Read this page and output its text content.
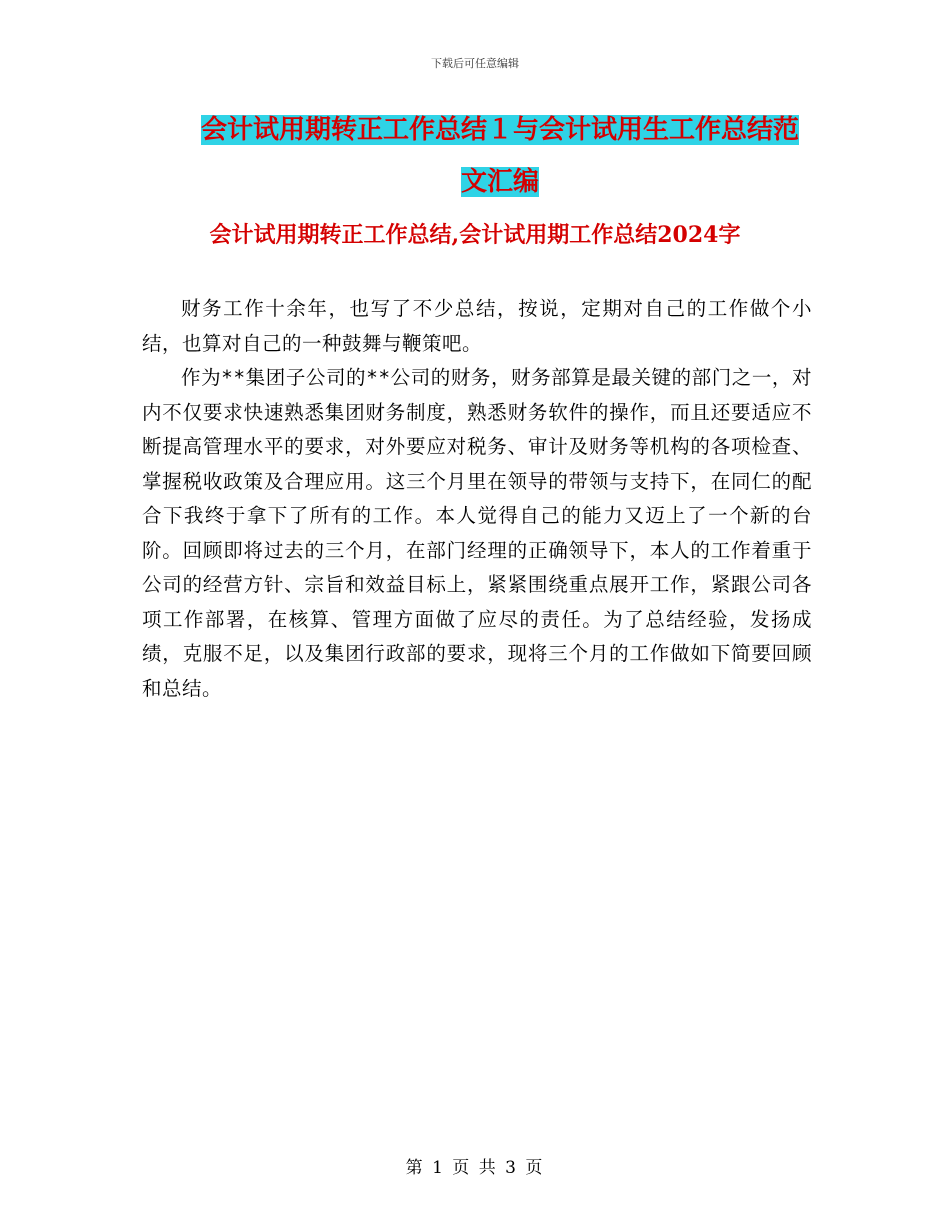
下载后可任意编辑
会计试用期转正工作总结１与会计试用生工作总结范
文汇编
会计试用期转正工作总结,会计试用期工作总结2024字

财务工作十余年，也写了不少总结，按说，定期对自己的工作做个小结，也算对自己的一种鼓舞与鞭策吧。

作为**集团子公司的**公司的财务，财务部算是最关键的部门之一，对内不仅要求快速熟悉集团财务制度，熟悉财务软件的操作，而且还要适应不断提高管理水平的要求，对外要应对税务、审计及财务等机构的各项检查、掌握税收政策及合理应用。这三个月里在领导的带领与支持下，在同仁的配合下我终于拿下了所有的工作。本人觉得自己的能力又迈上了一个新的台阶。回顾即将过去的三个月，在部门经理的正确领导下，本人的工作着重于公司的经营方针、宗旨和效益目标上，紧紧围绕重点展开工作，紧跟公司各项工作部署，在核算、管理方面做了应尽的责任。为了总结经验，发扬成绩，克服不足，以及集团行政部的要求，现将三个月的工作做如下简要回顾和总结。

第 1 页 共 3 页
